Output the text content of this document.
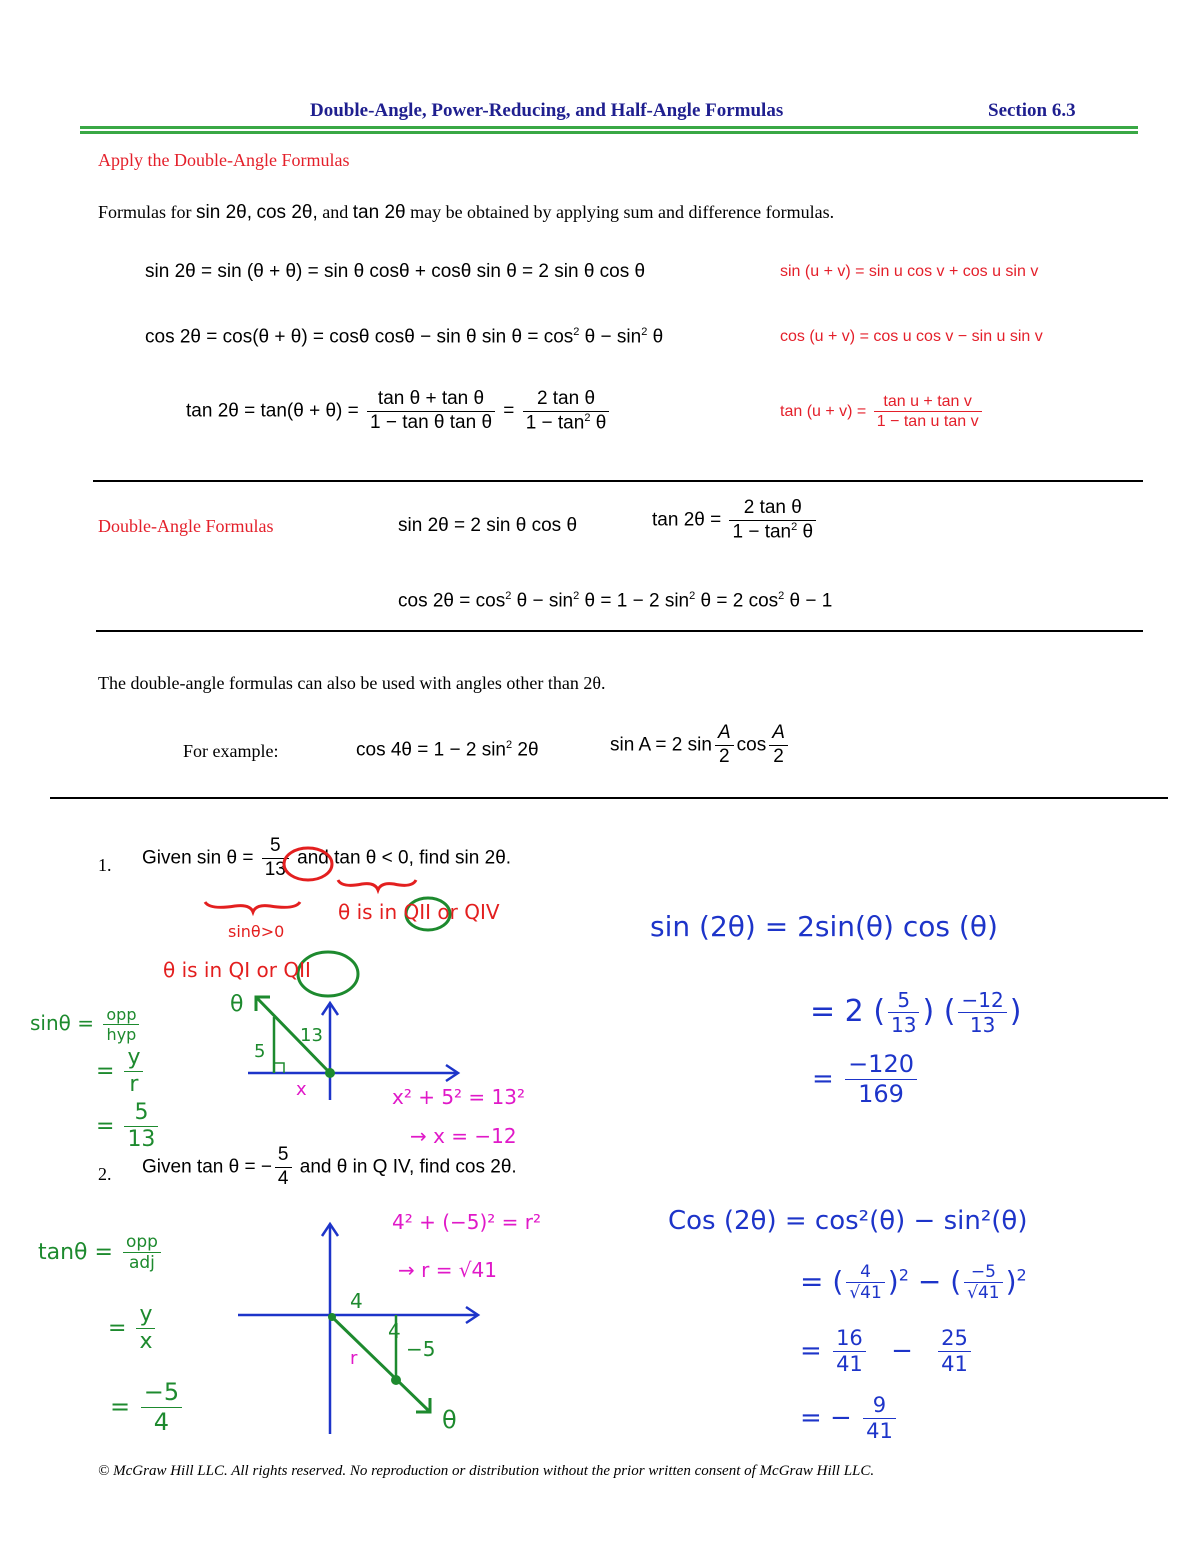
Double-Angle, Power-Reducing, and Half-Angle Formulas	Section 6.3
Apply the Double-Angle Formulas
Formulas for sin 2θ, cos 2θ, and tan 2θ may be obtained by applying sum and difference formulas.
sin 2θ = sin (θ + θ) = sin θ cosθ + cosθ sin θ = 2 sin θ cos θ	sin (u + v) = sin u cos v + cos u sin v
cos 2θ = cos(θ + θ) = cosθ cosθ − sin θ $\sin \theta = \cos^2 \theta - \sin^2 \theta$	cos (u + v) = cos u cos v − sin u sin v
$\tan 2\theta = \tan(\theta + \theta) = \frac{\text{tan θ + tan θ}}{\text{1 − tan θ tan θ}} = \frac{\text{2 tan θ}}{1 - \tan^2 \theta}$	$\tan (u + v) = \frac{\text{tan u + tan v}}{\text{1 − tan u tan v}}$
Double-Angle Formulas	sin 2θ = 2 sin θ cos θ	$\tan 2\theta = \frac{\text{2 tan θ}}{1 - \tan^2 \theta}$
$\cos 2\theta = \cos^2 \theta - \sin^2 \theta = 1 - 2$ $\sin^2 \theta = 2$ $\cos^2 \theta - 1$
The double-angle formulas can also be used with angles other than 2θ.
For example:	cos 4θ = 1 − 2 $\sin^2 2\theta$	sin A = 2 $\sin \frac{A}{2}$ $\cos \frac{A}{2}$
1. Given $\sin \theta = \frac{5}{13}$ and tan θ < 0, find sin 2θ.
sinθ>0
θ is in QII or QIV
θ is in QI or QII
$\sin\theta = \frac{\text{opp}}{\text{hyp}}$
= $\frac{y}{r}$
= $\frac{5}{13}$
θ
13
5
x	x² + 5² = 13²
→ x = −12
sin (2θ) = 2sin(θ) cos (θ)
= 2 ( $\frac{5}{13}$ ) ( $\frac{-12}{13}$ )
= $\frac{-120}{169}$
2. Given tan θ = − $\frac{5}{4}$ and θ in Q IV, find cos 2θ.
$\tan\theta = \frac{\text{opp}}{\text{adj}}$
= $\frac{y}{x}$
= $\frac{-5}{4}$
4
4
−5
r
θ
4² + (−5)² = r²
→ r = √41
Cos (2θ) = cos²(θ) − sin²(θ)
= ( $\frac{4}{√41} )^2$ − ( $\frac{-5}{√41} )^2$
= $\frac{16}{41} - \frac{25}{41}$
= − $\frac{9}{41}$
© McGraw Hill LLC. All rights reserved. No reproduction or distribution without the prior written consent of McGraw Hill LLC.
